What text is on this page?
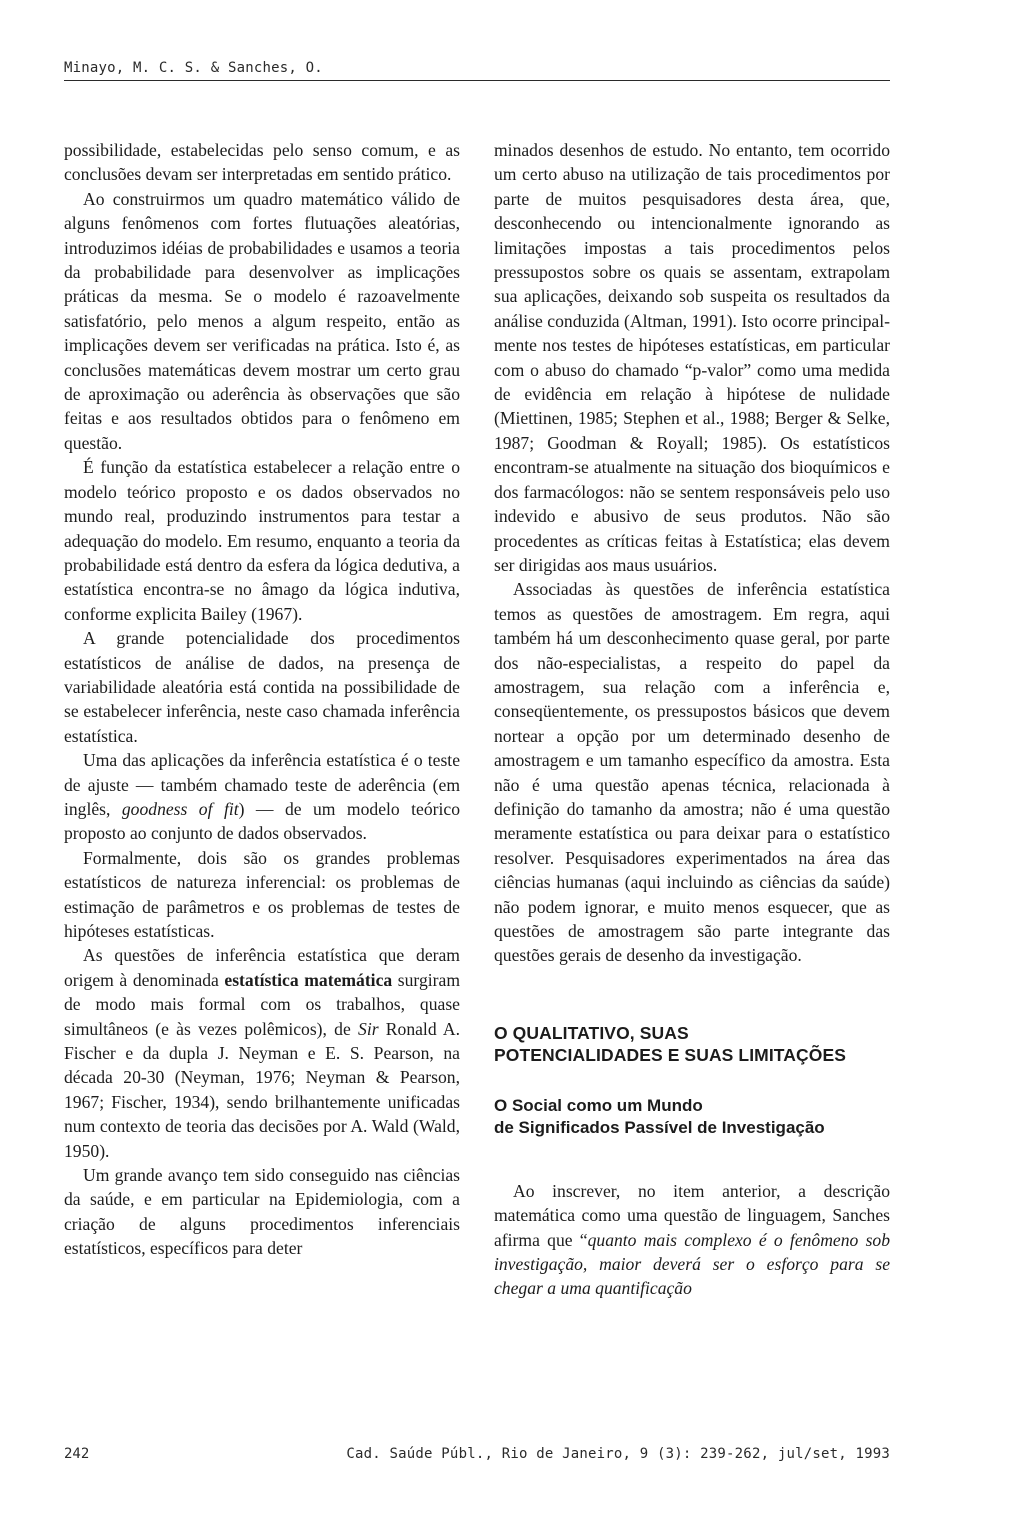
Minayo, M. C. S. & Sanches, O.

possibilidade, estabelecidas pelo senso comum, e as conclusões devam ser interpretadas em sentido prático.

Ao construirmos um quadro matemático válido de alguns fenômenos com fortes flutuações aleatórias, introduzimos idéias de probabilidades e usamos a teoria da probabilidade para desenvolver as implicações práticas da mesma. Se o modelo é razoavelmente satisfatório, pelo menos a algum respeito, então as implicações devem ser verificadas na prática. Isto é, as conclusões matemáticas devem mostrar um certo grau de aproximação ou aderência às observações que são feitas e aos resultados obtidos para o fenômeno em questão.

É função da estatística estabelecer a relação entre o modelo teórico proposto e os dados observados no mundo real, produzindo instrumentos para testar a adequação do modelo. Em resumo, enquanto a teoria da probabilidade está dentro da esfera da lógica dedutiva, a estatística encontra-se no âmago da lógica indutiva, conforme explicita Bailey (1967).

A grande potencialidade dos procedimentos estatísticos de análise de dados, na presença de variabilidade aleatória está contida na possibilidade de se estabelecer inferência, neste caso chamada inferência estatística.

Uma das aplicações da inferência estatística é o teste de ajuste — também chamado teste de aderência (em inglês, goodness of fit) — de um modelo teórico proposto ao conjunto de dados observados.

Formalmente, dois são os grandes problemas estatísticos de natureza inferencial: os problemas de estimação de parâmetros e os problemas de testes de hipóteses estatísticas.

As questões de inferência estatística que deram origem à denominada estatística matemática surgiram de modo mais formal com os trabalhos, quase simultâneos (e às vezes polêmicos), de Sir Ronald A. Fischer e da dupla J. Neyman e E. S. Pearson, na década 20-30 (Neyman, 1976; Neyman & Pearson, 1967; Fischer, 1934), sendo brilhantemente unificadas num contexto de teoria das decisões por A. Wald (Wald, 1950).

Um grande avanço tem sido conseguido nas ciências da saúde, e em particular na Epidemiologia, com a criação de alguns procedimentos inferenciais estatísticos, específicos para deter

minados desenhos de estudo. No entanto, tem ocorrido um certo abuso na utilização de tais procedimentos por parte de muitos pesquisadores desta área, que, desconhecendo ou intencionalmente ignorando as limitações impostas a tais procedimentos pelos pressupostos sobre os quais se assentam, extrapolam sua aplicações, deixando sob suspeita os resultados da análise conduzida (Altman, 1991). Isto ocorre principalmente nos testes de hipóteses estatísticas, em particular com o abuso do chamado “p-valor” como uma medida de evidência em relação à hipótese de nulidade (Miettinen, 1985; Stephen et al., 1988; Berger & Selke, 1987; Goodman & Royall; 1985). Os estatísticos encontram-se atualmente na situação dos bioquímicos e dos farmacólogos: não se sentem responsáveis pelo uso indevido e abusivo de seus produtos. Não são procedentes as críticas feitas à Estatística; elas devem ser dirigidas aos maus usuários.

Associadas às questões de inferência estatística temos as questões de amostragem. Em regra, aqui também há um desconhecimento quase geral, por parte dos não-especialistas, a respeito do papel da amostragem, sua relação com a inferência e, conseqüentemente, os pressupostos básicos que devem nortear a opção por um determinado desenho de amostragem e um tamanho específico da amostra. Esta não é uma questão apenas técnica, relacionada à definição do tamanho da amostra; não é uma questão meramente estatística ou para deixar para o estatístico resolver. Pesquisadores experimentados na área das ciências humanas (aqui incluindo as ciências da saúde) não podem ignorar, e muito menos esquecer, que as questões de amostragem são parte integrante das questões gerais de desenho da investigação.

O QUALITATIVO, SUAS
POTENCIALIDADES E SUAS LIMITAÇÕES
O Social como um Mundo
de Significados Passível de Investigação

Ao inscrever, no item anterior, a descrição matemática como uma questão de linguagem, Sanches afirma que “quanto mais complexo é o fenômeno sob investigação, maior deverá ser o esforço para se chegar a uma quantificação

242	Cad. Saúde Públ., Rio de Janeiro, 9 (3): 239-262, jul/set, 1993
